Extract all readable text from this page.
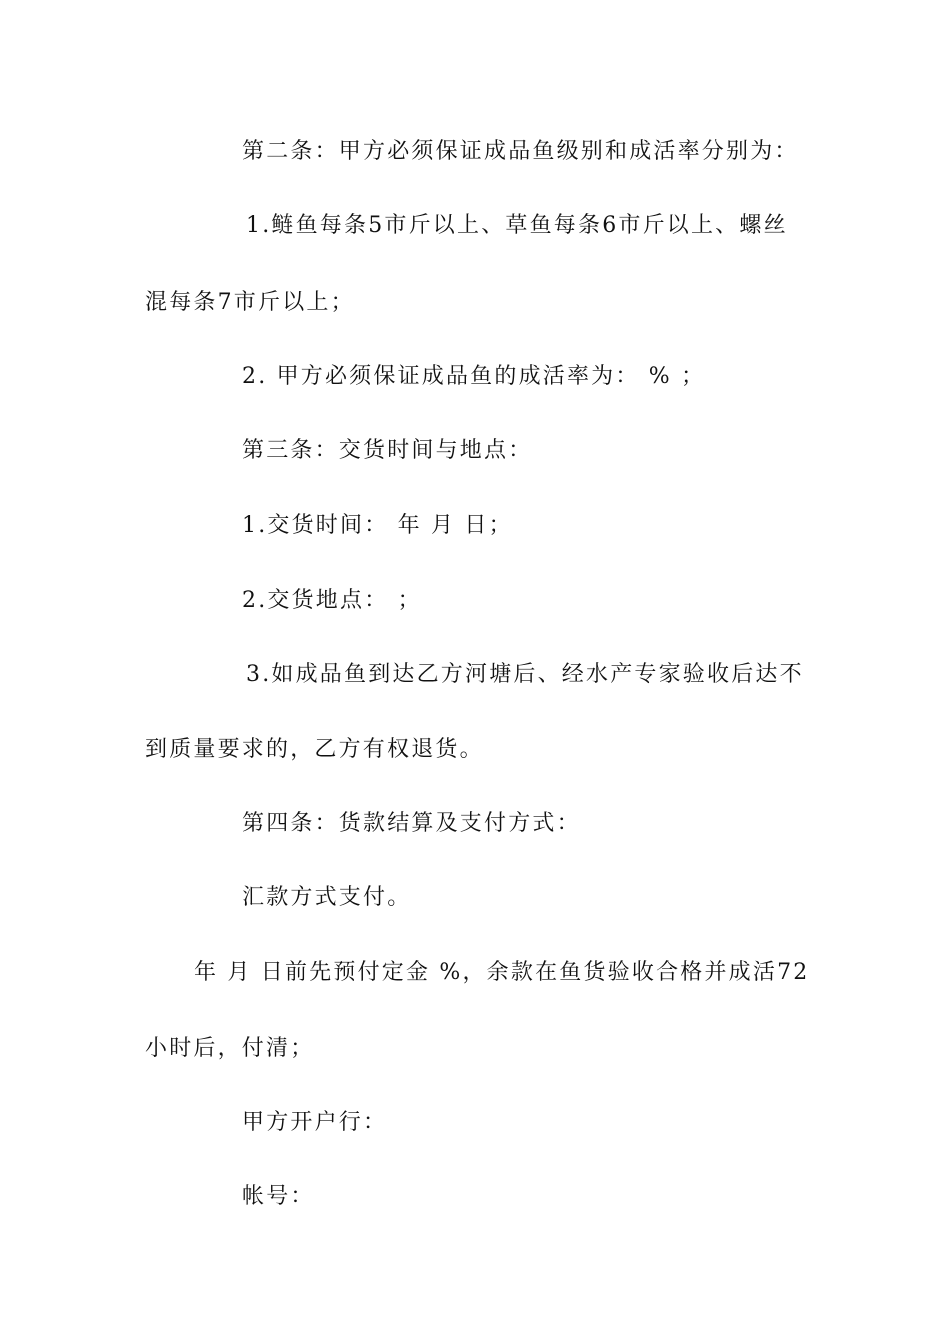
第二条：甲方必须保证成品鱼级别和成活率分别为：
1.鲢鱼每条5市斤以上、草鱼每条6市斤以上、螺丝
混每条7市斤以上；
2. 甲方必须保证成品鱼的成活率为： % ；
第三条：交货时间与地点：
1.交货时间： 年 月 日；
2.交货地点： ；
3.如成品鱼到达乙方河塘后、经水产专家验收后达不
到质量要求的，乙方有权退货。
第四条：货款结算及支付方式：
汇款方式支付。
年 月 日前先预付定金 %，余款在鱼货验收合格并成活72
小时后，付清；
甲方开户行：
帐号：
